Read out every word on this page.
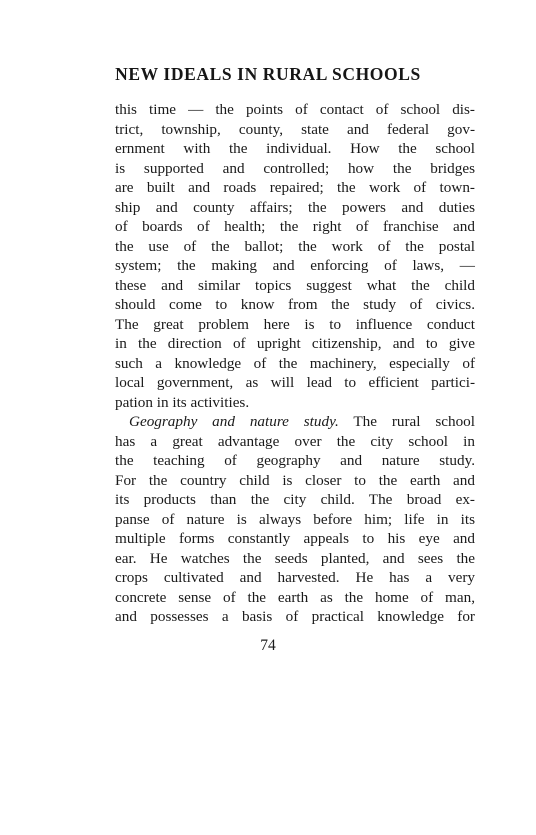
NEW IDEALS IN RURAL SCHOOLS
this time — the points of contact of school dis-
trict, township, county, state and federal gov-
ernment with the individual. How the school
is supported and controlled; how the bridges
are built and roads repaired; the work of town-
ship and county affairs; the powers and duties
of boards of health; the right of franchise and
the use of the ballot; the work of the postal
system; the making and enforcing of laws, —
these and similar topics suggest what the child
should come to know from the study of civics.
The great problem here is to influence conduct
in the direction of upright citizenship, and to give
such a knowledge of the machinery, especially of
local government, as will lead to efficient partici-
pation in its activities.
Geography and nature study. The rural school
has a great advantage over the city school in
the teaching of geography and nature study.
For the country child is closer to the earth and
its products than the city child. The broad ex-
panse of nature is always before him; life in its
multiple forms constantly appeals to his eye and
ear. He watches the seeds planted, and sees the
crops cultivated and harvested. He has a very
concrete sense of the earth as the home of man,
and possesses a basis of practical knowledge for
74
